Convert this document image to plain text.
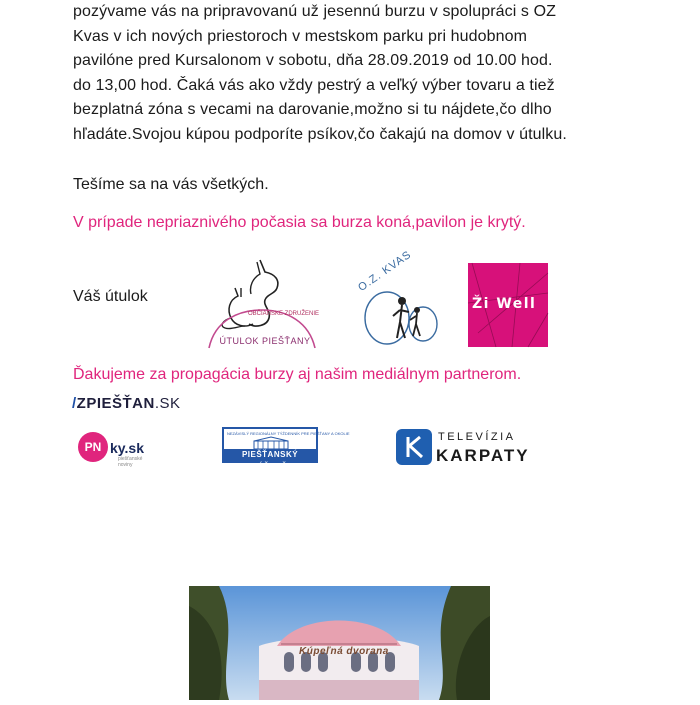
pozývame vás na pripravovanú už jesennú burzu v spolupráci s OZ
Kvas v ich nových priestoroch v mestskom parku pri hudobnom
pavilóne pred Kursalonom v sobotu, dňa 28.09.2019 od 10.00 hod.
do 13,00 hod. Čaká vás ako vždy pestrý a veľký výber tovaru a tiež
bezplatná zóna s vecami na darovanie,možno si tu nájdete,čo dlho
hľadáte.Svojou kúpou podporíte psíkov,čo čakajú na domov v útulku.
Tešíme sa na vás všetkých.
V prípade nepriaznivého počasia sa burza koná,pavilon je krytý.
Váš útulok
OBČIANSKE ZDRUŽENIE
ÚTULOK PIEŠŤANY
O.Z. KVAS
Ži Well
Ďakujeme za propagácia burzy aj našim mediálnym partnerom.
/ZPIEŠŤAN.SK
PN ky.sk
piešťanské noviny
NEZÁVISLÝ REGIONÁLNY TÝŽDENNÍK PRE PIEŠŤANY A OKOLIE
PIEŠŤANSKÝ TÝŽDEŇ
TELEVÍZIA
KARPATY
Kúpeľná dvorana
